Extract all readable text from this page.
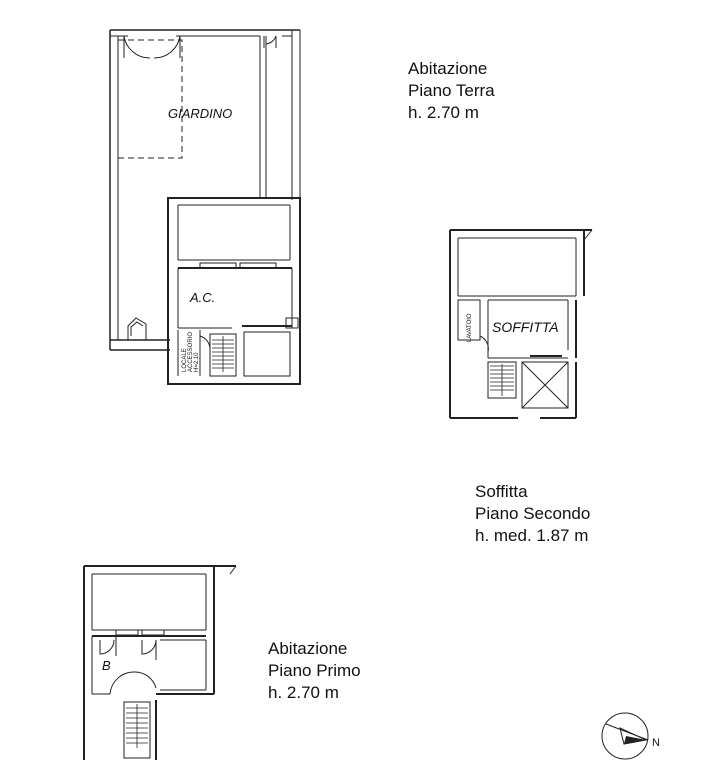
Abitazione
Piano Terra
h. 2.70 m
Soffitta
Piano Secondo
h. med. 1.87 m
Abitazione
Piano Primo
h. 2.70 m
GIARDINO
A.C.
LOCALE ACCESSORIO H=2.10
SOFFITTA
LAVATOIO
B
N
